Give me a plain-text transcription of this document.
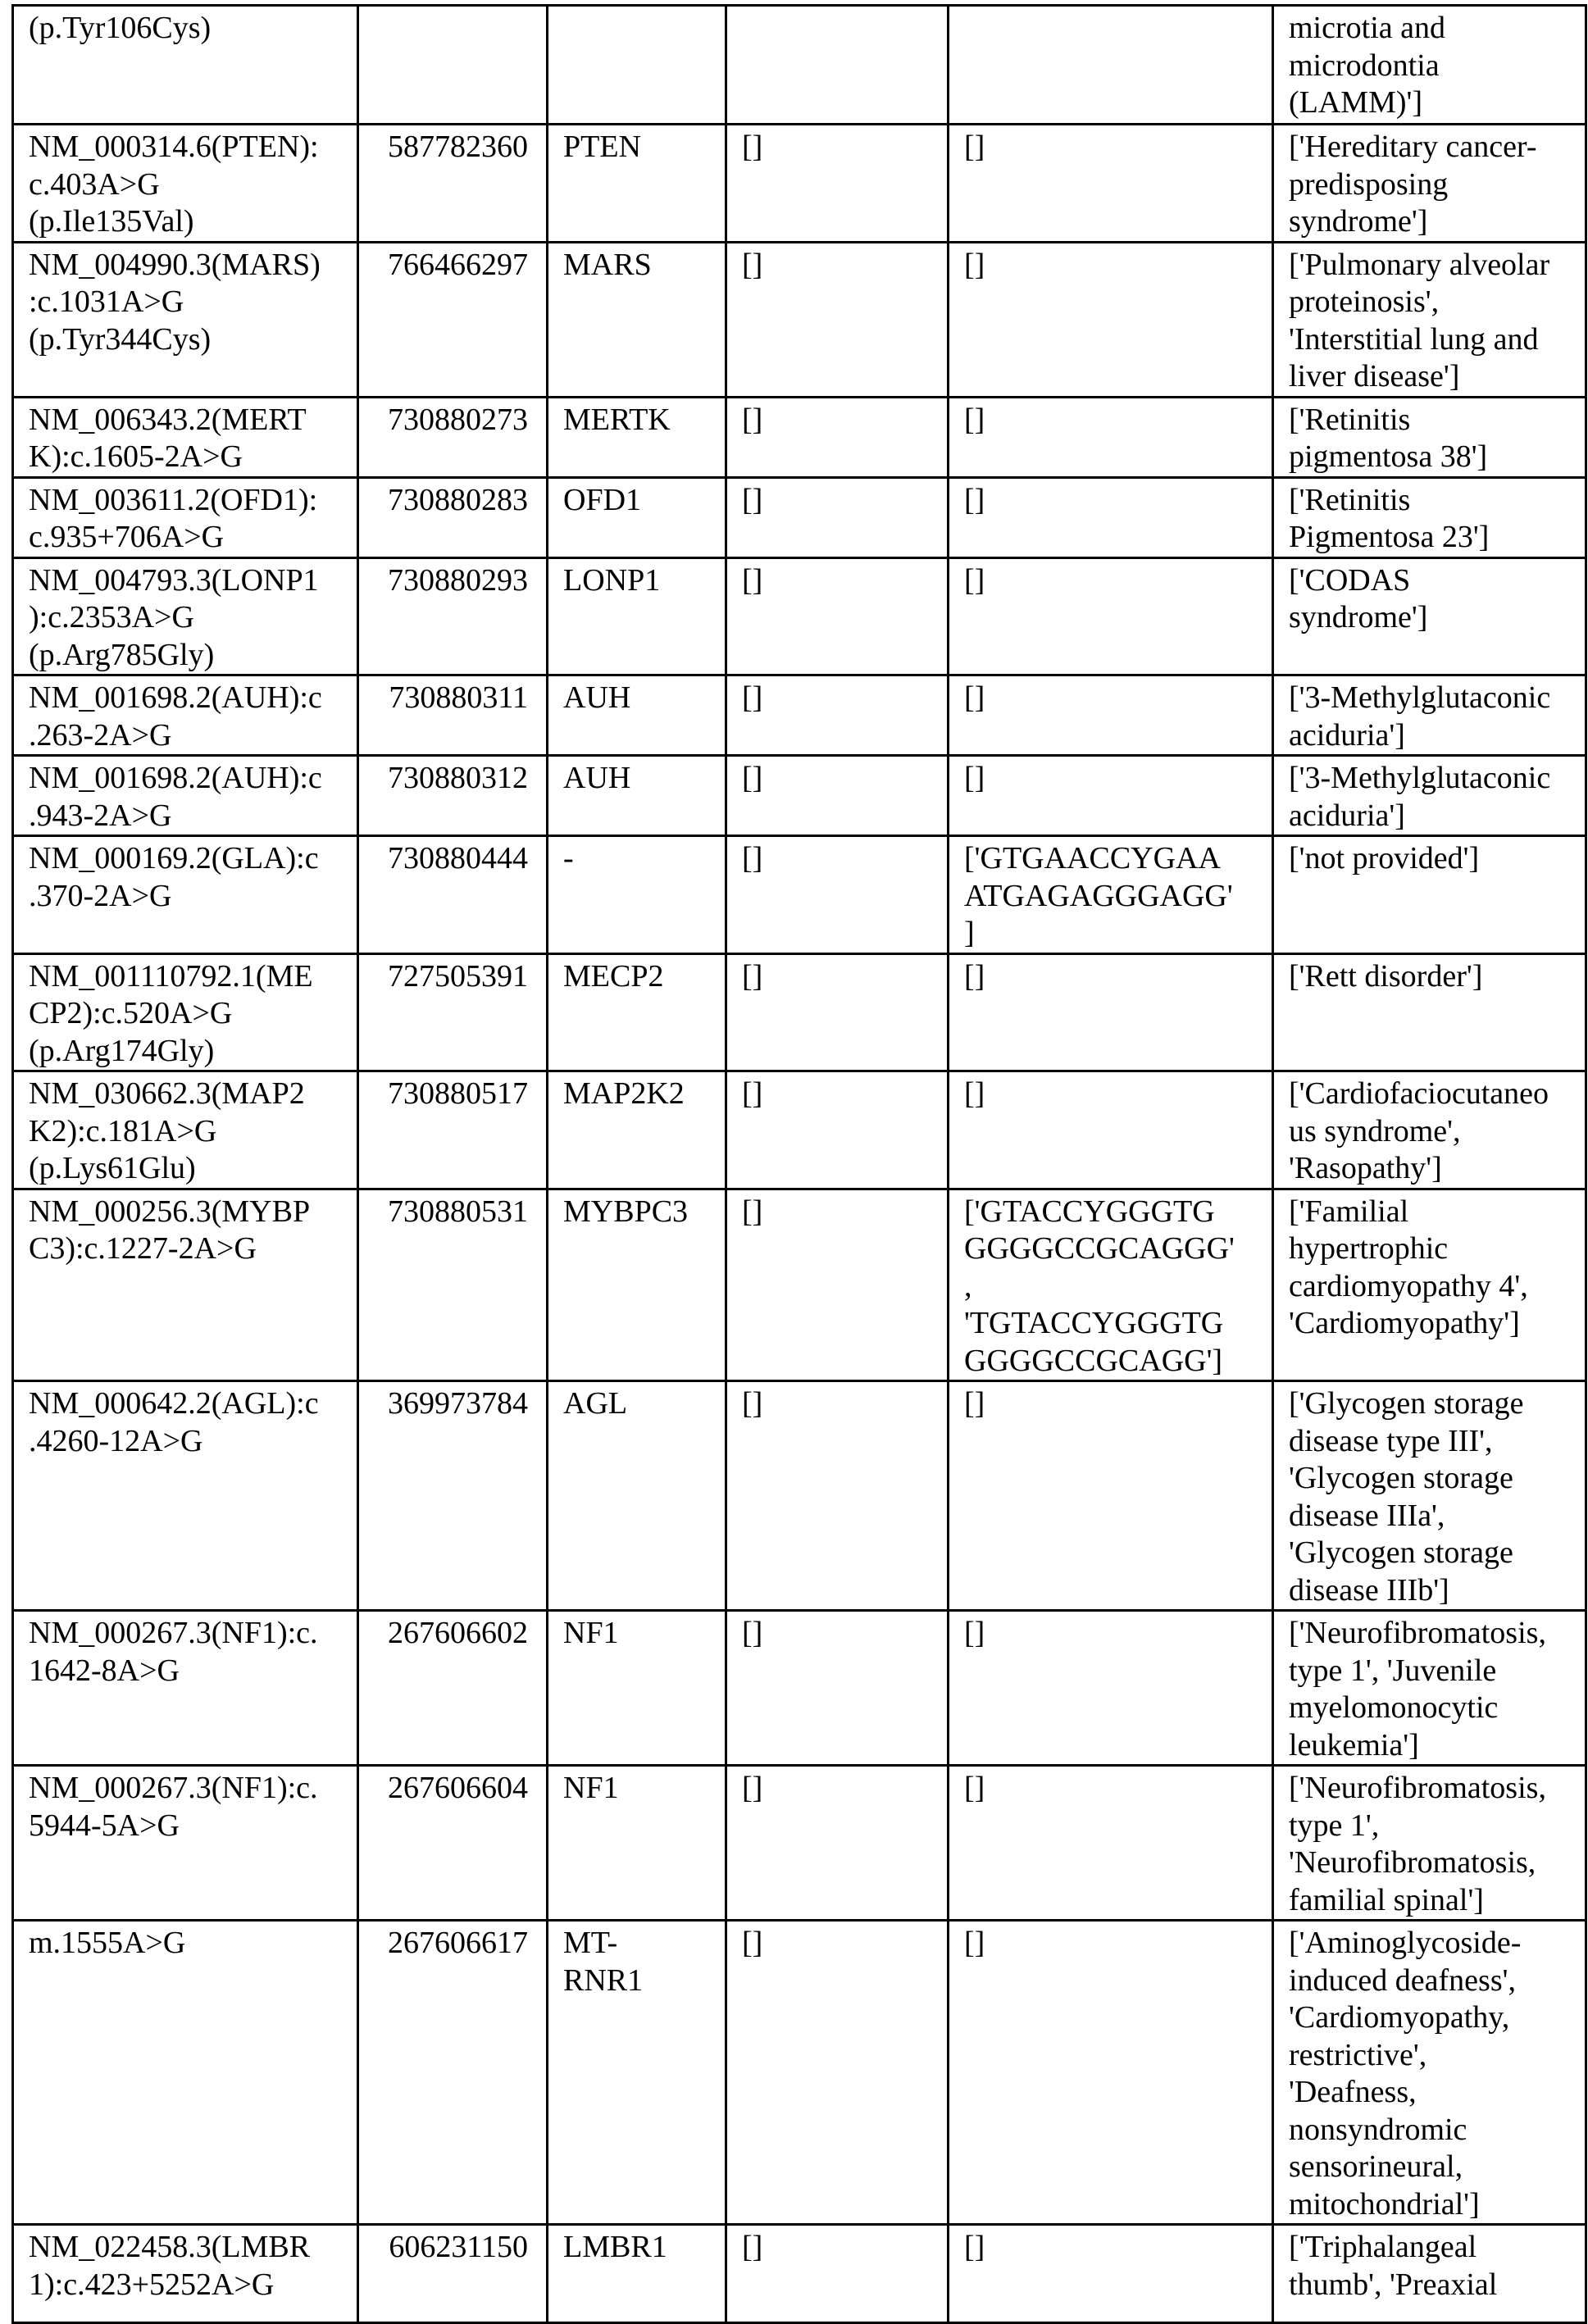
(p.Tyr106Cys)					microtia and
microdontia
(LAMM)']
NM_000314.6(PTEN):
c.403A>G
(p.Ile135Val)	587782360	PTEN	[]	[]	['Hereditary cancer-
predisposing
syndrome']
NM_004990.3(MARS)
:c.1031A>G
(p.Tyr344Cys)	766466297	MARS	[]	[]	['Pulmonary alveolar
proteinosis',
'Interstitial lung and
liver disease']
NM_006343.2(MERT
K):c.1605-2A>G	730880273	MERTK	[]	[]	['Retinitis
pigmentosa 38']
NM_003611.2(OFD1):
c.935+706A>G	730880283	OFD1	[]	[]	['Retinitis
Pigmentosa 23']
NM_004793.3(LONP1
):c.2353A>G
(p.Arg785Gly)	730880293	LONP1	[]	[]	['CODAS
syndrome']
NM_001698.2(AUH):c
.263-2A>G	730880311	AUH	[]	[]	['3-Methylglutaconic
aciduria']
NM_001698.2(AUH):c
.943-2A>G	730880312	AUH	[]	[]	['3-Methylglutaconic
aciduria']
NM_000169.2(GLA):c
.370-2A>G	730880444	-	[]	['GTGAACCYGAA
ATGAGAGGGAGG'
]	['not provided']
NM_001110792.1(ME
CP2):c.520A>G
(p.Arg174Gly)	727505391	MECP2	[]	[]	['Rett disorder']
NM_030662.3(MAP2
K2):c.181A>G
(p.Lys61Glu)	730880517	MAP2K2	[]	[]	['Cardiofaciocutaneo
us syndrome',
'Rasopathy']
NM_000256.3(MYBP
C3):c.1227-2A>G	730880531	MYBPC3	[]	['GTACCYGGGTG
GGGGCCGCAGGG'
,
'TGTACCYGGGTG
GGGGCCGCAGG']	['Familial
hypertrophic
cardiomyopathy 4',
'Cardiomyopathy']
NM_000642.2(AGL):c
.4260-12A>G	369973784	AGL	[]	[]	['Glycogen storage
disease type III',
'Glycogen storage
disease IIIa',
'Glycogen storage
disease IIIb']
NM_000267.3(NF1):c.
1642-8A>G	267606602	NF1	[]	[]	['Neurofibromatosis,
type 1', 'Juvenile
myelomonocytic
leukemia']
NM_000267.3(NF1):c.
5944-5A>G	267606604	NF1	[]	[]	['Neurofibromatosis,
type 1',
'Neurofibromatosis,
familial spinal']
m.1555A>G	267606617	MT-
RNR1	[]	[]	['Aminoglycoside-
induced deafness',
'Cardiomyopathy,
restrictive',
'Deafness,
nonsyndromic
sensorineural,
mitochondrial']
NM_022458.3(LMBR
1):c.423+5252A>G	606231150	LMBR1	[]	[]	['Triphalangeal
thumb', 'Preaxial
